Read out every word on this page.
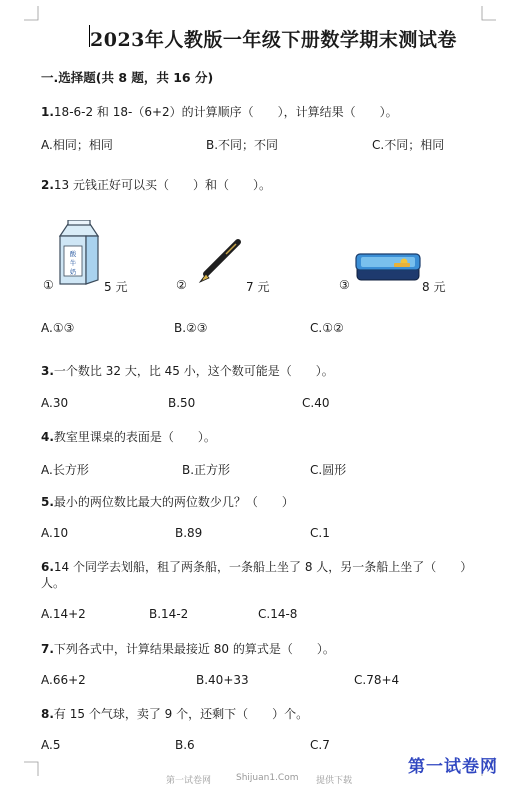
2023年人教版一年级下册数学期末测试卷
一.选择题(共 8 题，共 16 分)
1.18-6-2 和 18-（6+2）的计算顺序（　　），计算结果（　　）。
A.相同；相同	B.不同；不同	C.不同；相同
2.13 元钱正好可以买（　　）和（　　）。
酸
牛
奶
①	5 元	②	7 元	③	8 元
A.①③	B.②③	C.①②
3.一个数比 32 大，比 45 小，这个数可能是（　　）。
A.30	B.50	C.40
4.教室里课桌的表面是（　　）。
A.长方形	B.正方形	C.圆形
5.最小的两位数比最大的两位数少几？（　　）
A.10	B.89	C.1
6.14 个同学去划船，租了两条船，一条船上坐了 8 人，另一条船上坐了（　　）
人。
A.14+2	B.14-2	C.14-8
7.下列各式中，计算结果最接近 80 的算式是（　　）。
A.66+2	B.40+33	C.78+4
8.有 15 个气球，卖了 9 个，还剩下（　　）个。
A.5	B.6	C.7
第一试卷网	Shijuan1.Com 提供下载
第一试卷网
